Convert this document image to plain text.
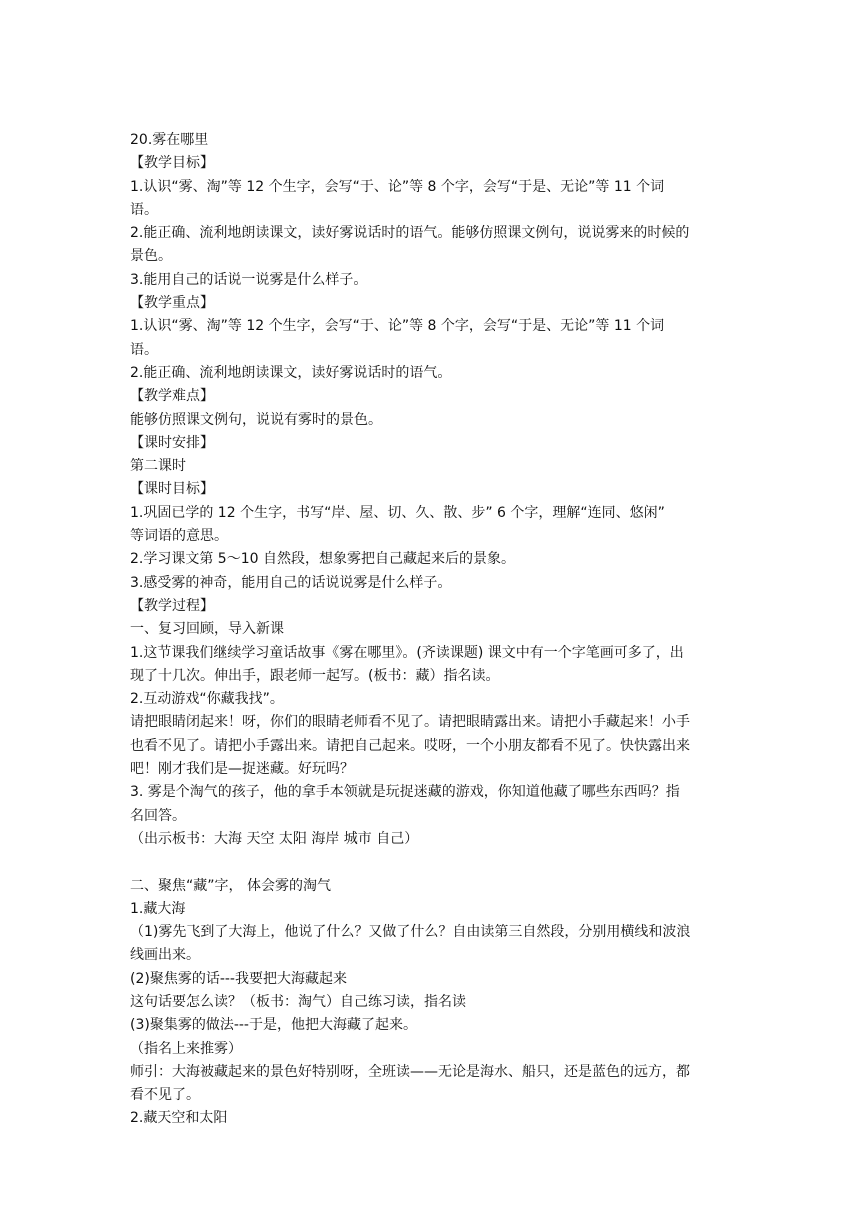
20.雾在哪里
【教学目标】
1.认识“雾、淘”等 12 个生字，会写“于、论”等 8 个字，会写“于是、无论”等 11 个词
语。
2.能正确、流利地朗读课文，读好雾说话时的语气。能够仿照课文例句，说说雾来的时候的
景色。
3.能用自己的话说一说雾是什么样子。
【教学重点】
1.认识“雾、淘”等 12 个生字，会写“于、论”等 8 个字，会写“于是、无论”等 11 个词
语。
2.能正确、流利地朗读课文，读好雾说话时的语气。
【教学难点】
能够仿照课文例句，说说有雾时的景色。
【课时安排】
第二课时
【课时目标】
1.巩固已学的 12 个生字，书写“岸、屋、切、久、散、步” 6 个字，理解“连同、悠闲”
等词语的意思。
2.学习课文第 5～10 自然段，想象雾把自己藏起来后的景象。
3.感受雾的神奇，能用自己的话说说雾是什么样子。
【教学过程】
一、复习回顾，导入新课
1.这节课我们继续学习童话故事《雾在哪里》。(齐读课题) 课文中有一个字笔画可多了，出
现了十几次。伸出手，跟老师一起写。(板书：藏）指名读。
2.互动游戏“你藏我找”。
请把眼睛闭起来！呀，你们的眼睛老师看不见了。请把眼睛露出来。请把小手藏起来！小手
也看不见了。请把小手露出来。请把自己起来。哎呀，一个小朋友都看不见了。快快露出来
吧！刚才我们是—捉迷藏。好玩吗？
3. 雾是个淘气的孩子，他的拿手本领就是玩捉迷藏的游戏，你知道他藏了哪些东西吗？指
名回答。
（出示板书：大海 天空 太阳 海岸 城市 自己）
二、聚焦“藏”字， 体会雾的淘气
1.藏大海
（1)雾先飞到了大海上，他说了什么？又做了什么？自由读第三自然段，分别用横线和波浪
线画出来。
(2)聚焦雾的话---我要把大海藏起来
这句话要怎么读？（板书：淘气）自己练习读，指名读
(3)聚集雾的做法---于是，他把大海藏了起来。
（指名上来推雾）
师引：大海被藏起来的景色好特别呀，全班读——无论是海水、船只，还是蓝色的远方，都
看不见了。
2.藏天空和太阳
